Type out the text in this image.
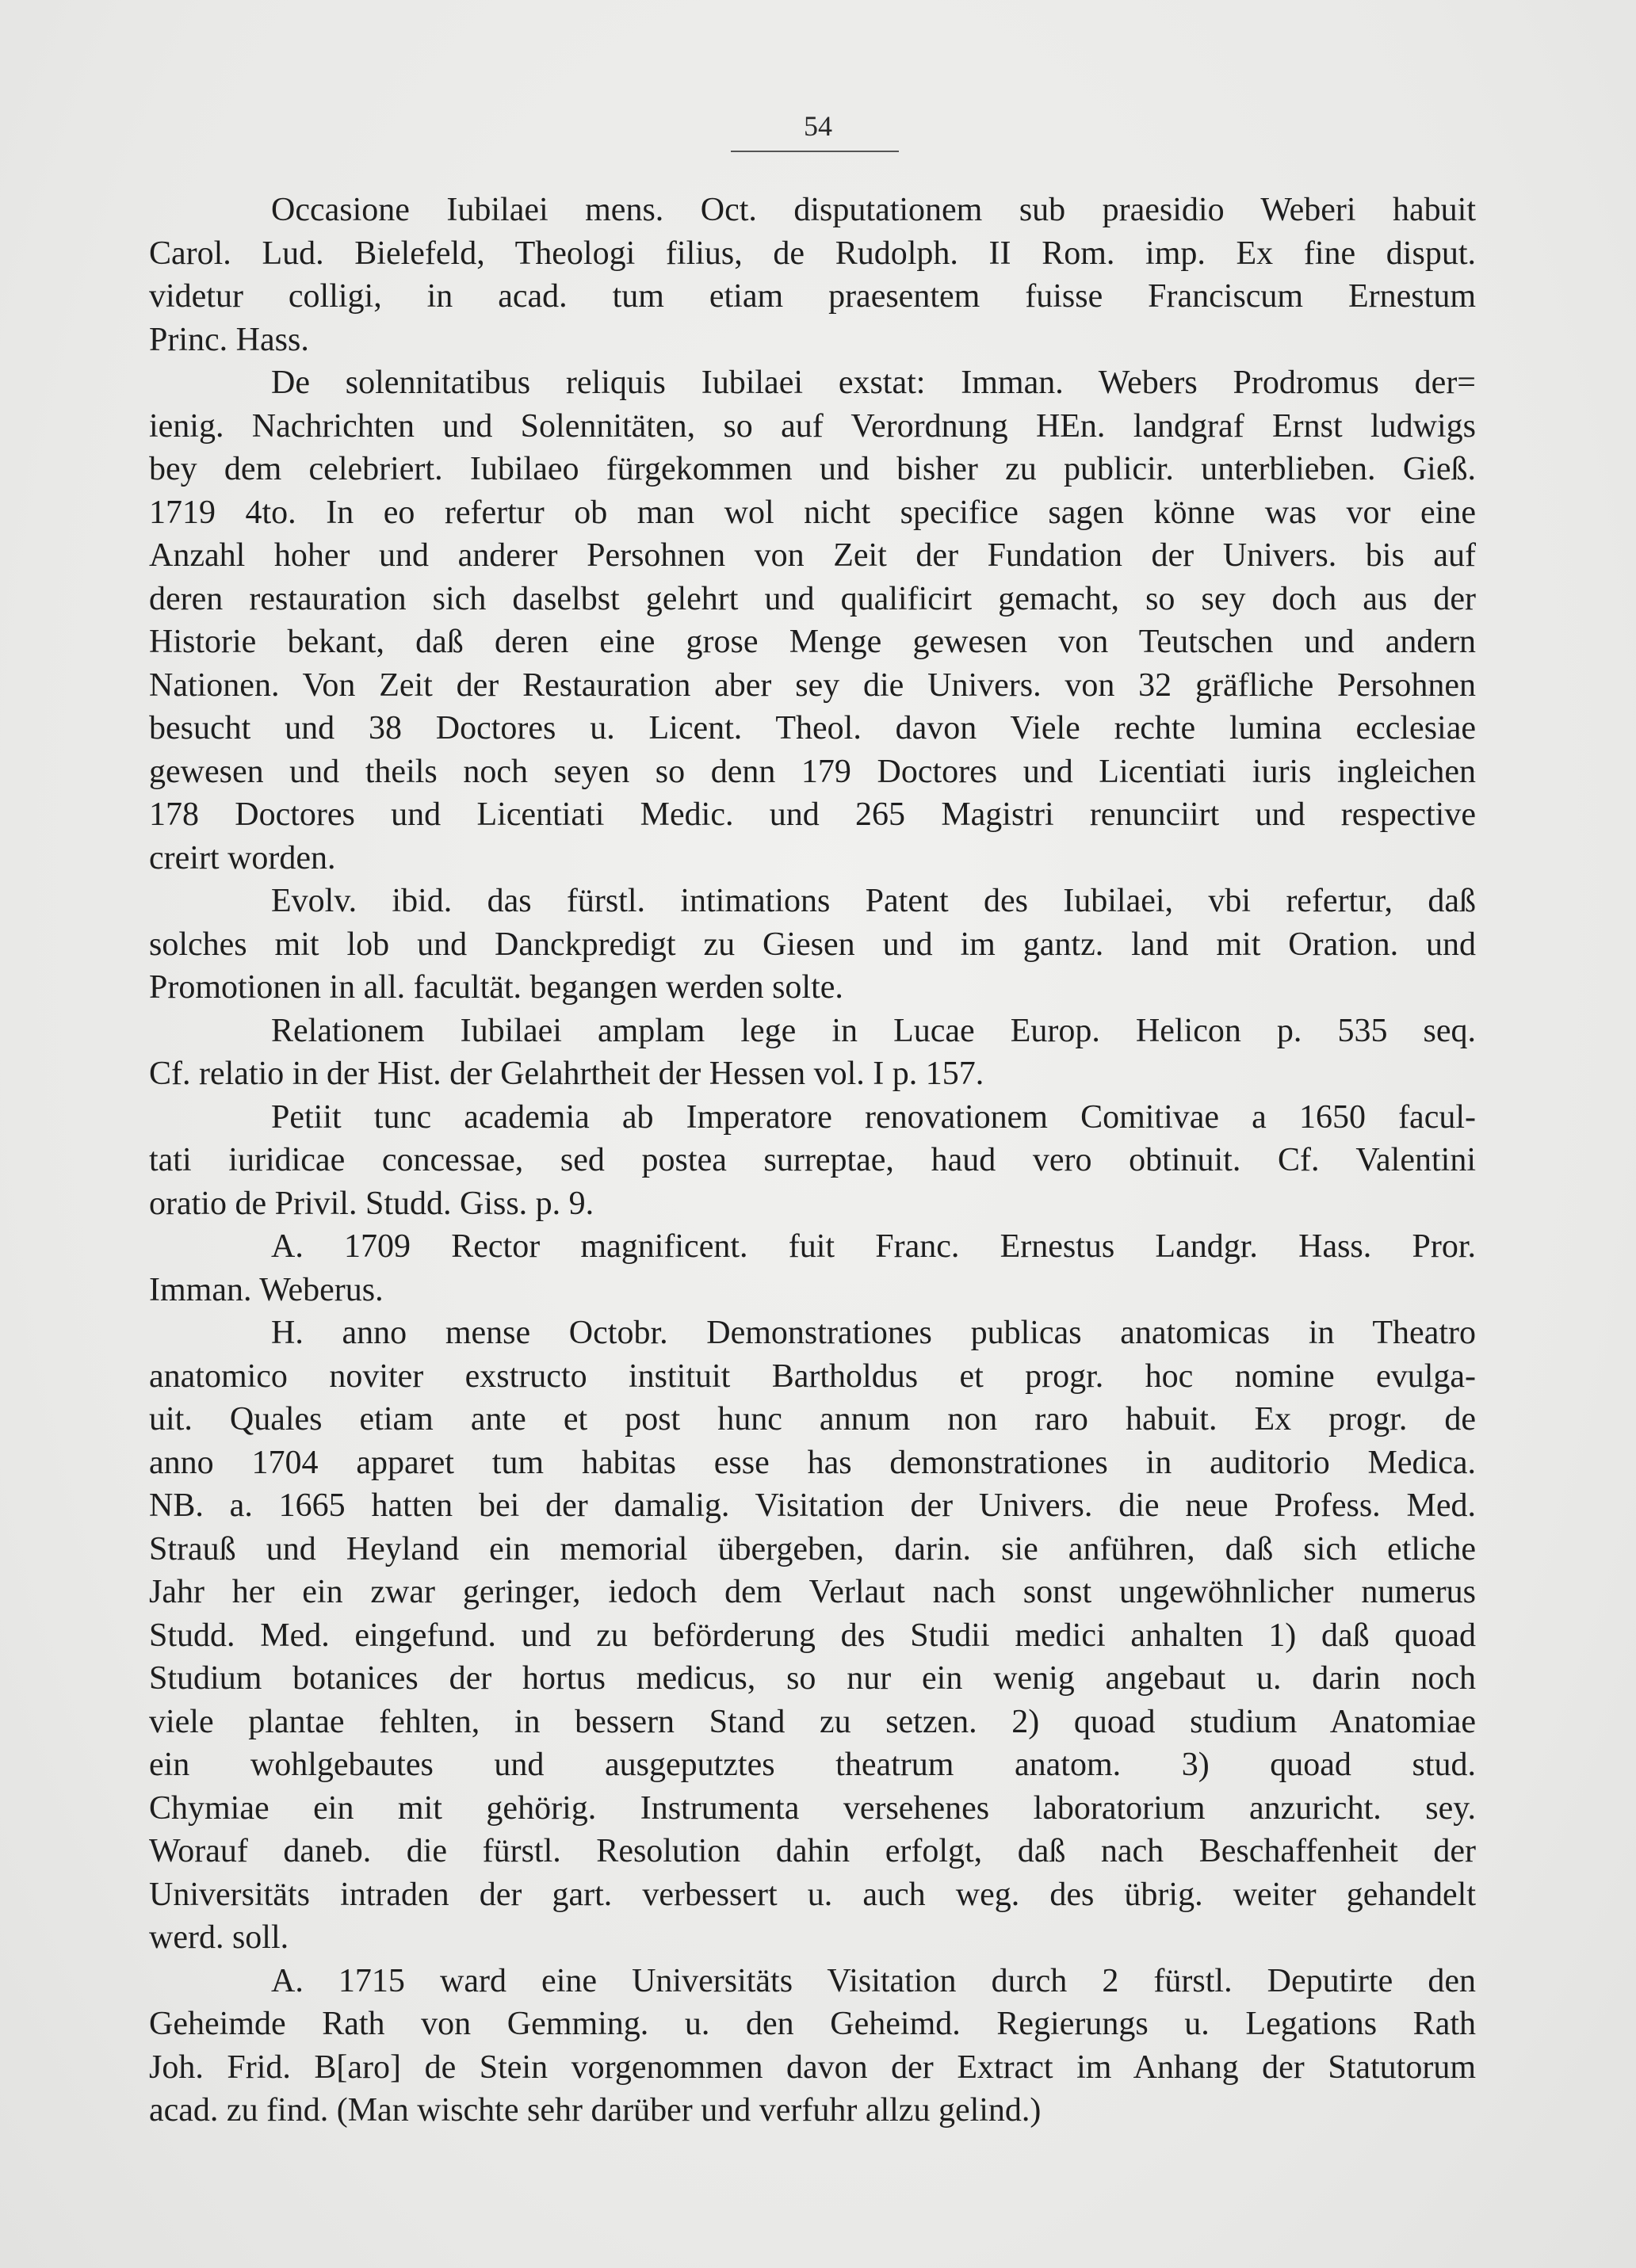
54
Occasione Iubilaei mens. Oct. disputationem sub praesidio Weberi habuit
Carol. Lud. Bielefeld, Theologi filius, de Rudolph. II Rom. imp. Ex fine disput.
videtur colligi, in acad. tum etiam praesentem fuisse Franciscum Ernestum
Princ. Hass.
De solennitatibus reliquis Iubilaei exstat: Imman. Webers Prodromus der=
ienig. Nachrichten und Solennitäten, so auf Verordnung HEn. landgraf Ernst ludwigs
bey dem celebriert. Iubilaeo fürgekommen und bisher zu publicir. unterblieben. Gieß.
1719 4to. In eo refertur ob man wol nicht specifice sagen könne was vor eine
Anzahl hoher und anderer Persohnen von Zeit der Fundation der Univers. bis auf
deren restauration sich daselbst gelehrt und qualificirt gemacht, so sey doch aus der
Historie bekant, daß deren eine grose Menge gewesen von Teutschen und andern
Nationen. Von Zeit der Restauration aber sey die Univers. von 32 gräfliche Persohnen
besucht und 38 Doctores u. Licent. Theol. davon Viele rechte lumina ecclesiae
gewesen und theils noch seyen so denn 179 Doctores und Licentiati iuris ingleichen
178 Doctores und Licentiati Medic. und 265 Magistri renunciirt und respective
creirt worden.
Evolv. ibid. das fürstl. intimations Patent des Iubilaei, vbi refertur, daß
solches mit lob und Danckpredigt zu Giesen und im gantz. land mit Oration. und
Promotionen in all. facultät. begangen werden solte.
Relationem Iubilaei amplam lege in Lucae Europ. Helicon p. 535 seq.
Cf. relatio in der Hist. der Gelahrtheit der Hessen vol. I p. 157.
Petiit tunc academia ab Imperatore renovationem Comitivae a 1650 facul-
tati iuridicae concessae, sed postea surreptae, haud vero obtinuit. Cf. Valentini
oratio de Privil. Studd. Giss. p. 9.
A. 1709 Rector magnificent. fuit Franc. Ernestus Landgr. Hass. Pror.
Imman. Weberus.
H. anno mense Octobr. Demonstrationes publicas anatomicas in Theatro
anatomico noviter exstructo instituit Bartholdus et progr. hoc nomine evulga-
uit. Quales etiam ante et post hunc annum non raro habuit. Ex progr. de
anno 1704 apparet tum habitas esse has demonstrationes in auditorio Medica.
NB. a. 1665 hatten bei der damalig. Visitation der Univers. die neue Profess. Med.
Strauß und Heyland ein memorial übergeben, darin. sie anführen, daß sich etliche
Jahr her ein zwar geringer, iedoch dem Verlaut nach sonst ungewöhnlicher numerus
Studd. Med. eingefund. und zu beförderung des Studii medici anhalten 1) daß quoad
Studium botanices der hortus medicus, so nur ein wenig angebaut u. darin noch
viele plantae fehlten, in bessern Stand zu setzen. 2) quoad studium Anatomiae
ein wohlgebautes und ausgeputztes theatrum anatom. 3) quoad stud.
Chymiae ein mit gehörig. Instrumenta versehenes laboratorium anzuricht. sey.
Worauf daneb. die fürstl. Resolution dahin erfolgt, daß nach Beschaffenheit der
Universitäts intraden der gart. verbessert u. auch weg. des übrig. weiter gehandelt
werd. soll.
A. 1715 ward eine Universitäts Visitation durch 2 fürstl. Deputirte den
Geheimde Rath von Gemming. u. den Geheimd. Regierungs u. Legations Rath
Joh. Frid. B[aro] de Stein vorgenommen davon der Extract im Anhang der Statutorum
acad. zu find. (Man wischte sehr darüber und verfuhr allzu gelind.)
